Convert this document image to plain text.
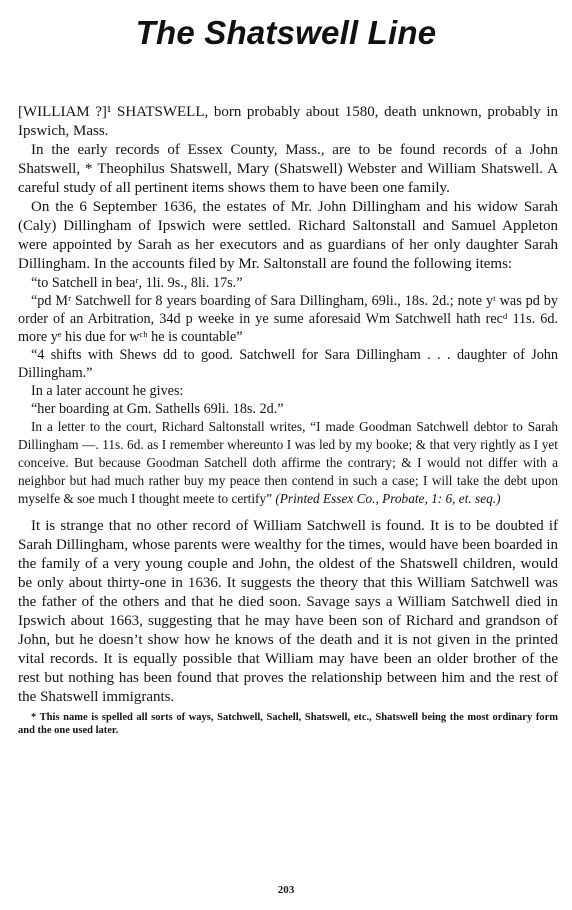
The Shatswell Line

[WILLIAM ?]¹ SHATSWELL, born probably about 1580, death unknown, probably in Ipswich, Mass.

In the early records of Essex County, Mass., are to be found records of a John Shatswell, * Theophilus Shatswell, Mary (Shatswell) Webster and William Shatswell. A careful study of all pertinent items shows them to have been one family.

On the 6 September 1636, the estates of Mr. John Dillingham and his widow Sarah (Caly) Dillingham of Ipswich were settled. Richard Saltonstall and Samuel Appleton were appointed by Sarah as her executors and as guardians of her only daughter Sarah Dillingham. In the accounts filed by Mr. Saltonstall are found the following items:

“to Satchell in beaʳ, 1li. 9s., 8li. 17s.”

“pd Mʳ Satchwell for 8 years boarding of Sara Dillingham, 69li., 18s. 2d.; note yᵗ was pd by order of an Arbitration, 34d p weeke in ye sume aforesaid Wm Satchwell hath recᵈ 11s. 6d. more yᵉ his due for wᶜʰ he is countable”

“4 shifts with Shews dd to good. Satchwell for Sara Dillingham . . . daughter of John Dillingham.”

In a later account he gives:

“her boarding at Gm. Sathells 69li. 18s. 2d.”

In a letter to the court, Richard Saltonstall writes, “I made Goodman Satchwell debtor to Sarah Dillingham —. 11s. 6d. as I remember whereunto I was led by my booke; & that very rightly as I yet conceive. But because Goodman Satchell doth affirme the contrary; & I would not differ with a neighbor but had much rather buy my peace then contend in such a case; I will take the debt upon myselfe & soe much I thought meete to certify” (Printed Essex Co., Probate, 1: 6, et. seq.)

It is strange that no other record of William Satchwell is found. It is to be doubted if Sarah Dillingham, whose parents were wealthy for the times, would have been boarded in the family of a very young couple and John, the oldest of the Shatswell children, would be only about thirty-one in 1636. It suggests the theory that this William Satchwell was the father of the others and that he died soon. Savage says a William Satchwell died in Ipswich about 1663, suggesting that he may have been son of Richard and grandson of John, but he doesn’t show how he knows of the death and it is not given in the printed vital records. It is equally possible that William may have been an older brother of the rest but nothing has been found that proves the relationship between him and the rest of the Shatswell immigrants.

* This name is spelled all sorts of ways, Satchwell, Sachell, Shatswell, etc., Shatswell being the most ordinary form and the one used later.

203
